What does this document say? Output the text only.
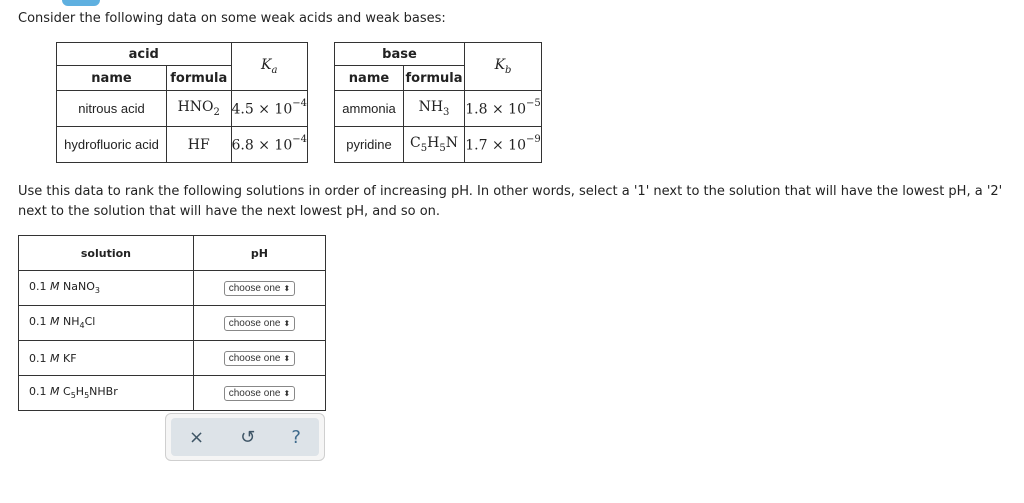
Consider the following data on some weak acids and weak bases:
acid		$K_a$
name	formula	
nitrous acid	$HNO_2$	$4.5 \times 10^{-4}$
hydrofluoric acid	HF	$6.8 \times 10^{-4}$
base		$K_b$
name	formula	
ammonia	$NH_3$	$1.8 \times 10^{-5}$
pyridine	$C_5H_5N$	$1.7 \times 10^{-9}$
Use this data to rank the following solutions in order of increasing pH. In other words, select a '1' next to the solution that will have the lowest pH, a '2' next to the solution that will have the next lowest pH, and so on.
solution	pH
0.1 M NaNO$_3$	choose one ⬍
0.1 M $NH_4Cl$	choose one ⬍
0.1 M KF	choose one ⬍
0.1 M $C_5H_5NHBr$	choose one ⬍
× ↺ ?
